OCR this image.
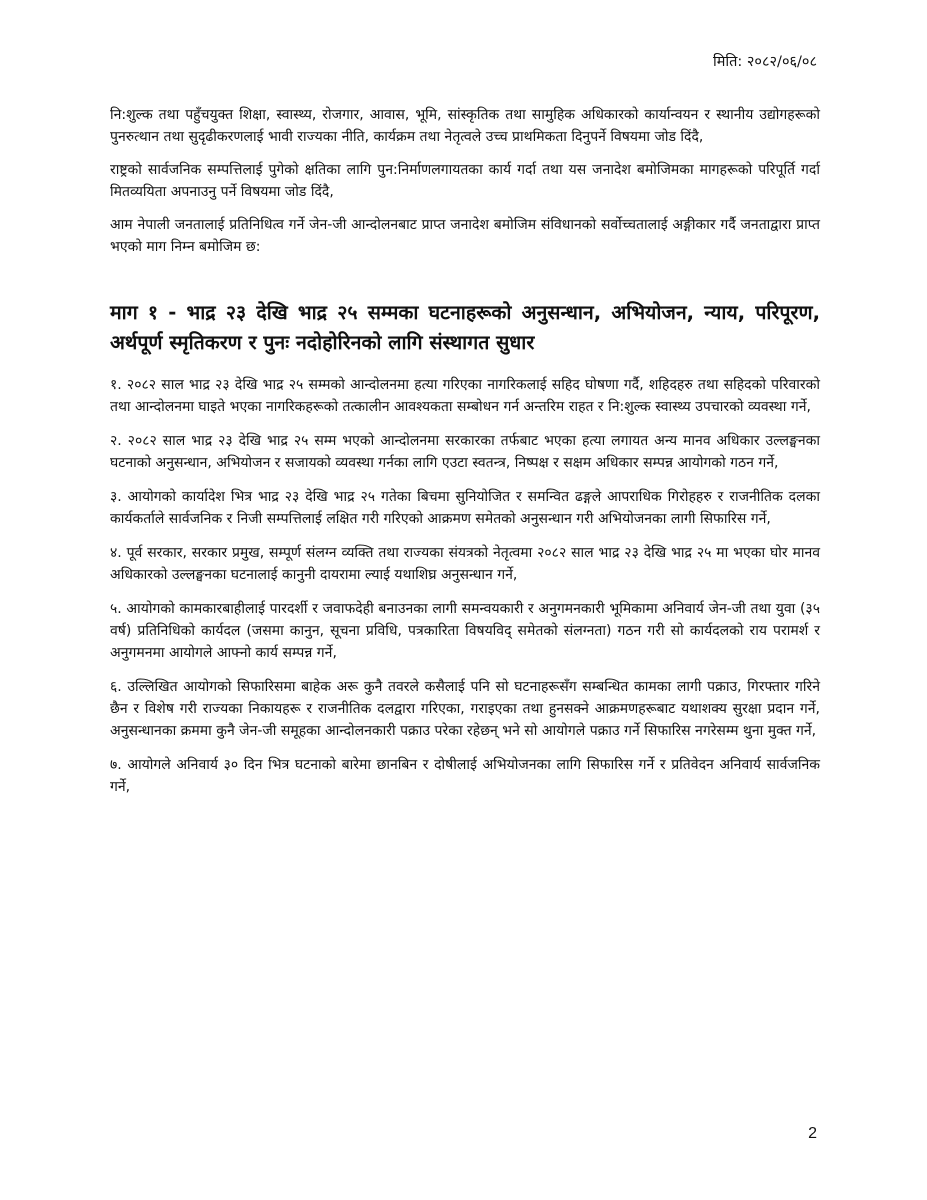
मिति: २०८२/०६/०८

नि:शुल्क तथा पहुँचयुक्त शिक्षा, स्वास्थ्य, रोजगार, आवास, भूमि, सांस्कृतिक तथा सामुहिक अधिकारको कार्यान्वयन र स्थानीय उद्योगहरूको पुनरुत्थान तथा सुदृढीकरणलाई भावी राज्यका नीति, कार्यक्रम तथा नेतृत्वले उच्च प्राथमिकता दिनुपर्ने विषयमा जोड दिंदै,

राष्ट्रको सार्वजनिक सम्पत्तिलाई पुगेको क्षतिका लागि पुन:निर्माणलगायतका कार्य गर्दा तथा यस जनादेश बमोजिमका मागहरूको परिपूर्ति गर्दा मितव्ययिता अपनाउनु पर्ने विषयमा जोड दिंदै,

आम नेपाली जनतालाई प्रतिनिधित्व गर्ने जेन-जी आन्दोलनबाट प्राप्त जनादेश बमोजिम संविधानको सर्वोच्चतालाई अङ्गीकार गर्दै जनताद्वारा प्राप्त भएको माग निम्न बमोजिम छ:

माग १ - भाद्र २३ देखि भाद्र २५ सम्मका घटनाहरूको अनुसन्धान, अभियोजन, न्याय, परिपूरण, अर्थपूर्ण स्मृतिकरण र पुनः नदोहोरिनको लागि संस्थागत सुधार

१. २०८२ साल भाद्र २३ देखि भाद्र २५ सम्मको आन्दोलनमा हत्या गरिएका नागरिकलाई सहिद घोषणा गर्दै, शहिदहरु तथा सहिदको परिवारको तथा आन्दोलनमा घाइते भएका नागरिकहरूको तत्कालीन आवश्यकता सम्बोधन गर्न अन्तरिम राहत र नि:शुल्क स्वास्थ्य उपचारको व्यवस्था गर्ने,

२. २०८२ साल भाद्र २३ देखि भाद्र २५ सम्म भएको आन्दोलनमा सरकारका तर्फबाट भएका हत्या लगायत अन्य मानव अधिकार उल्लङ्घनका घटनाको अनुसन्धान, अभियोजन र सजायको व्यवस्था गर्नका लागि एउटा स्वतन्त्र, निष्पक्ष र सक्षम अधिकार सम्पन्न आयोगको गठन गर्ने,

३. आयोगको कार्यादेश भित्र भाद्र २३ देखि भाद्र २५ गतेका बिचमा सुनियोजित र समन्वित ढङ्गले आपराधिक गिरोहहरु र राजनीतिक दलका कार्यकर्ताले सार्वजनिक र निजी सम्पत्तिलाई लक्षित गरी गरिएको आक्रमण समेतको अनुसन्धान गरी अभियोजनका लागी सिफारिस गर्ने,

४. पूर्व सरकार, सरकार प्रमुख, सम्पूर्ण संलग्न व्यक्ति तथा राज्यका संयत्रको नेतृत्वमा २०८२ साल भाद्र २३ देखि भाद्र २५ मा भएका घोर मानव अधिकारको उल्लङ्घनका घटनालाई कानुनी दायरामा ल्याई यथाशिघ्र अनुसन्धान गर्ने,

५. आयोगको कामकारबाहीलाई पारदर्शी र जवाफदेही बनाउनका लागी समन्वयकारी र अनुगमनकारी भूमिकामा अनिवार्य जेन-जी तथा युवा (३५ वर्ष) प्रतिनिधिको कार्यदल (जसमा कानुन, सूचना प्रविधि, पत्रकारिता विषयविद् समेतको संलग्नता) गठन गरी सो कार्यदलको राय परामर्श र अनुगमनमा आयोगले आफ्नो कार्य सम्पन्न गर्ने,

६. उल्लिखित आयोगको सिफारिसमा बाहेक अरू कुनै तवरले कसैलाई पनि सो घटनाहरूसँग सम्बन्धित कामका लागी पक्राउ, गिरफ्तार गरिने छैन र विशेष गरी राज्यका निकायहरू र राजनीतिक दलद्वारा गरिएका, गराइएका तथा हुनसक्ने आक्रमणहरूबाट यथाशक्य सुरक्षा प्रदान गर्ने, अनुसन्धानका क्रममा कुनै जेन-जी समूहका आन्दोलनकारी पक्राउ परेका रहेछन् भने सो आयोगले पक्राउ गर्ने सिफारिस नगरेसम्म थुना मुक्त गर्ने,

७. आयोगले अनिवार्य ३० दिन भित्र घटनाको बारेमा छानबिन र दोषीलाई अभियोजनका लागि सिफारिस गर्ने र प्रतिवेदन अनिवार्य सार्वजनिक गर्ने,

2
